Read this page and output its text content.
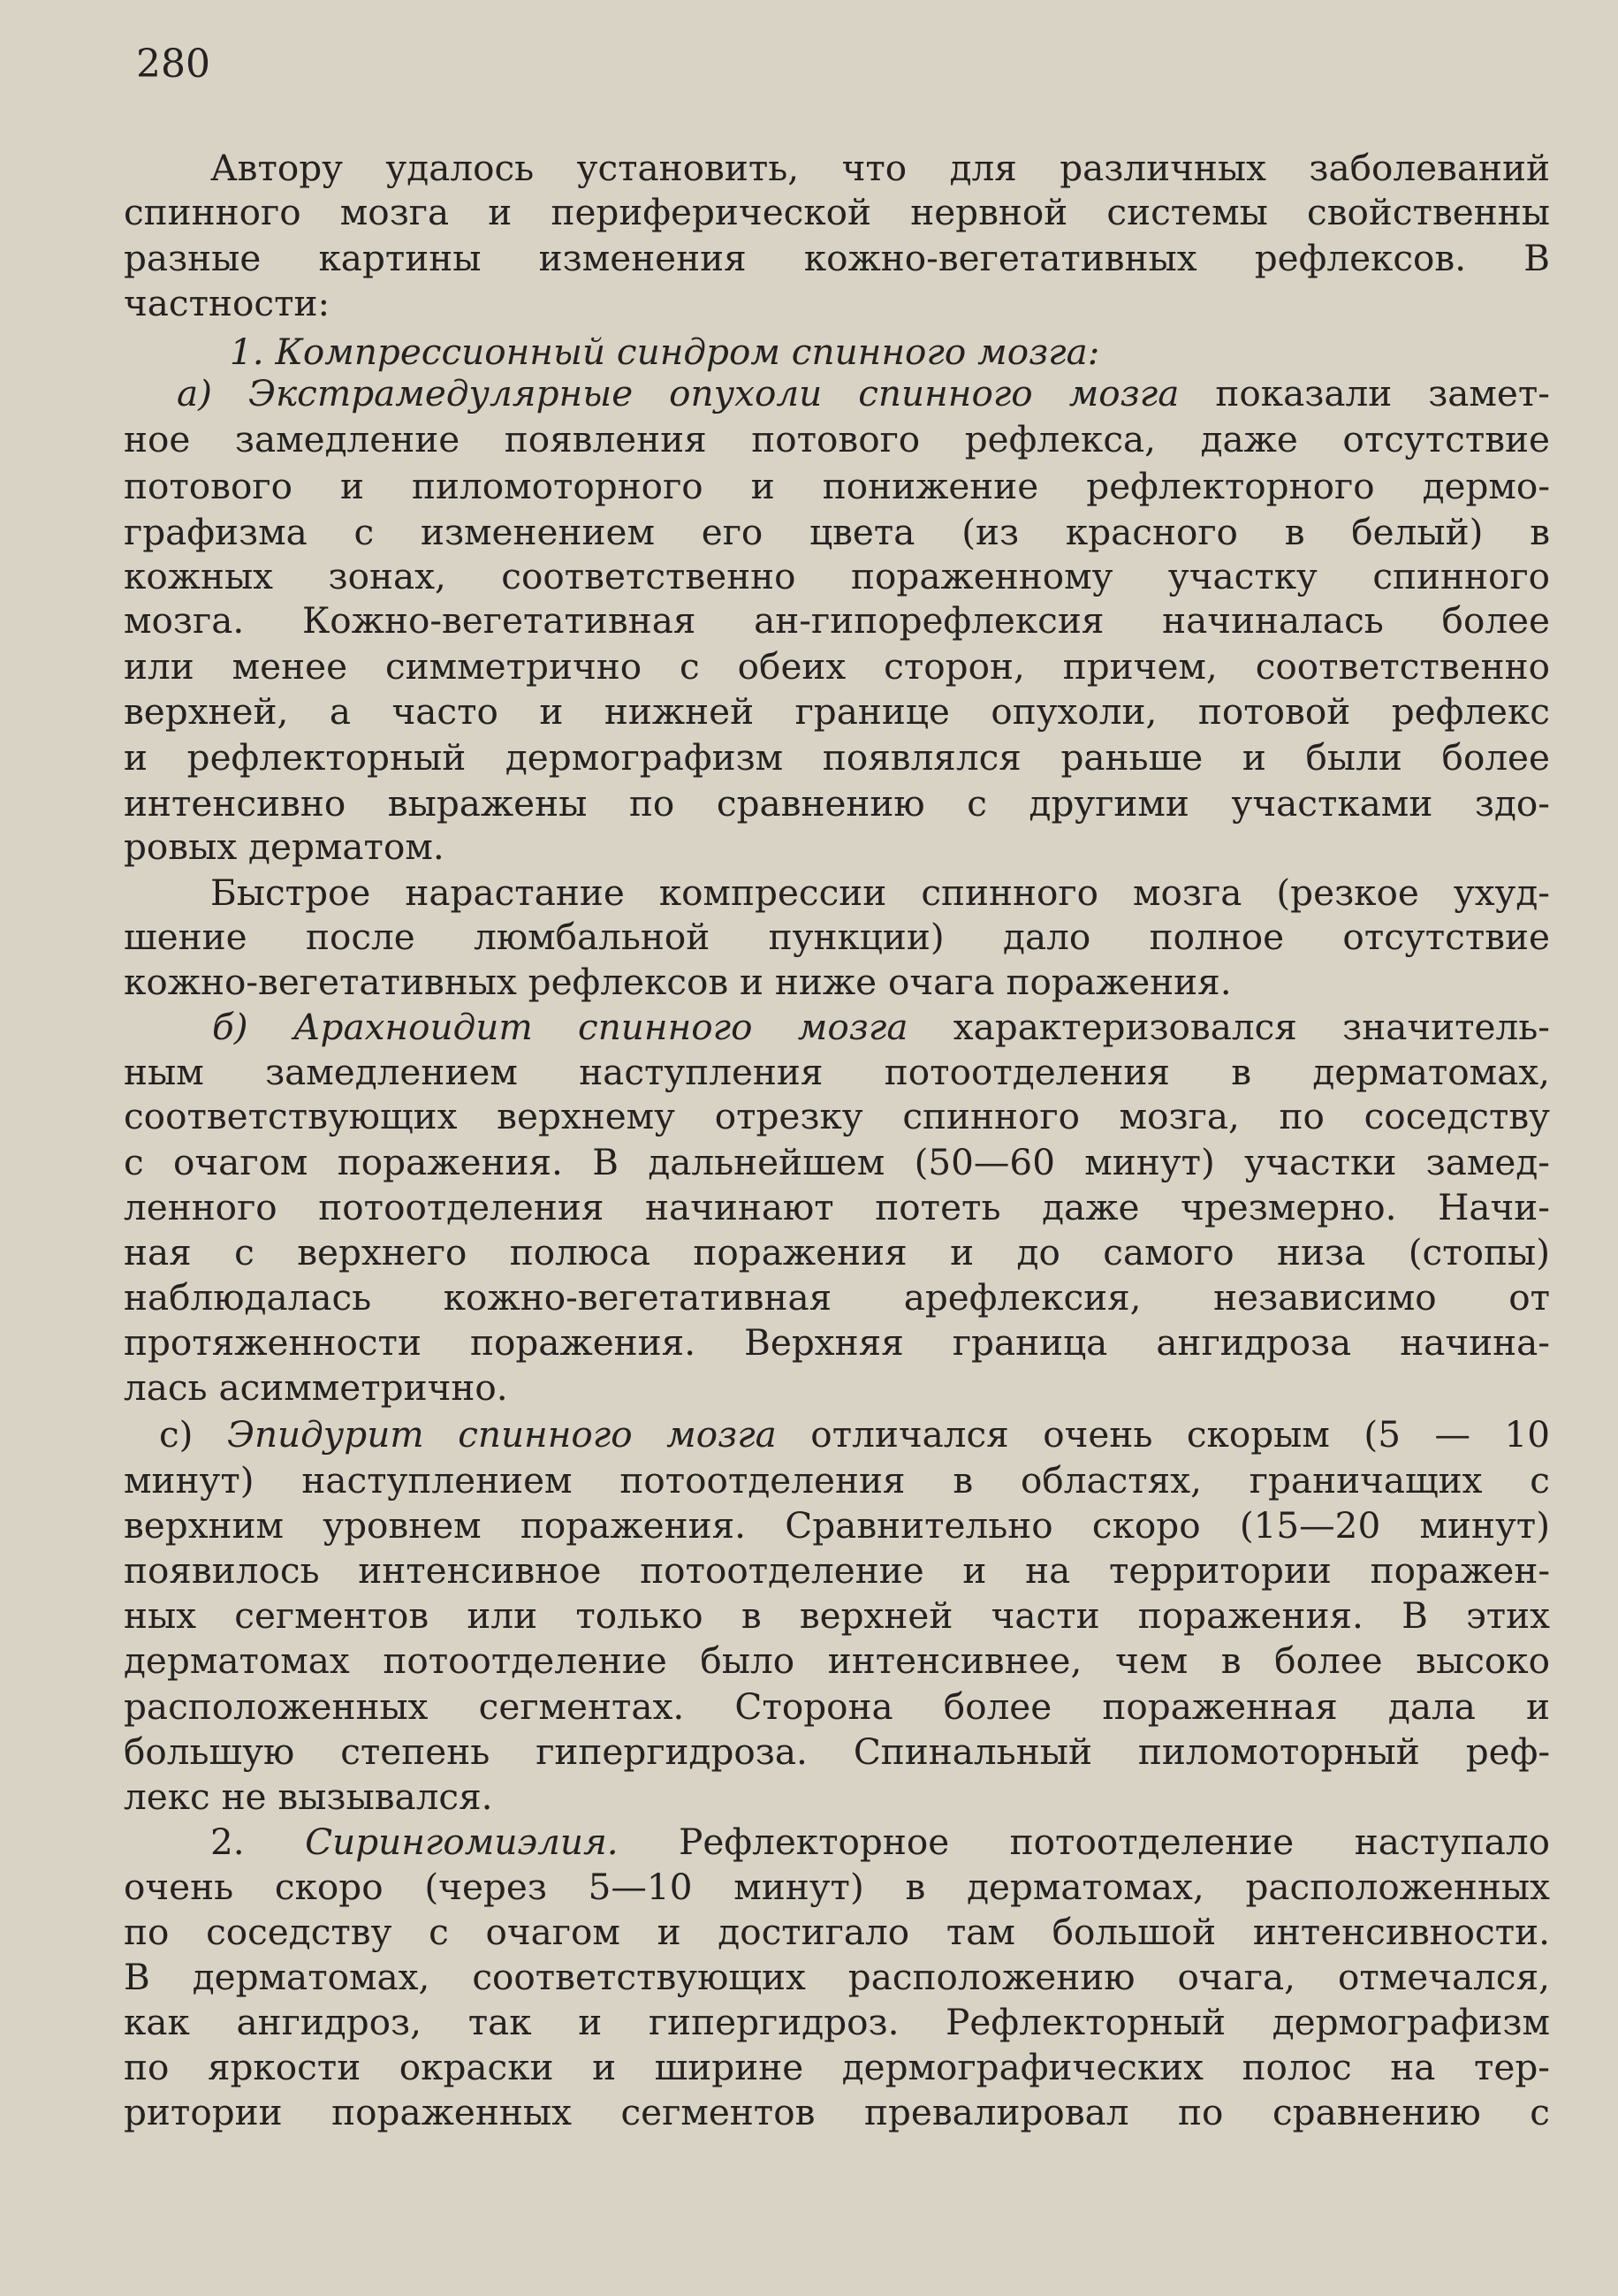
280
Автору удалось установить, что для различных заболеваний
спинного мозга и периферической нервной системы свойственны
разные картины изменения кожно-вегетативных рефлексов. В
частности:
1. Компрессионный синдром спинного мозга:
а) Экстрамедулярные опухоли спинного мозга показали замет-
ное замедление появления потового рефлекса, даже отсутствие
потового и пиломоторного и понижение рефлекторного дермо-
графизма с изменением его цвета (из красного в белый) в
кожных зонах, соответственно пораженному участку спинного
мозга. Кожно-вегетативная ан-гипорефлексия начиналась более
или менее симметрично с обеих сторон, причем, соответственно
верхней, а часто и нижней границе опухоли, потовой рефлекс
и рефлекторный дермографизм появлялся раньше и были более
интенсивно выражены по сравнению с другими участками здо-
ровых дерматом.
Быстрое нарастание компрессии спинного мозга (резкое ухуд-
шение после люмбальной пункции) дало полное отсутствие
кожно-вегетативных рефлексов и ниже очага поражения.
б) Арахноидит спинного мозга характеризовался значитель-
ным замедлением наступления потоотделения в дерматомах,
соответствующих верхнему отрезку спинного мозга, по соседству
с очагом поражения. В дальнейшем (50—60 минут) участки замед-
ленного потоотделения начинают потеть даже чрезмерно. Начи-
ная с верхнего полюса поражения и до самого низа (стопы)
наблюдалась кожно-вегетативная арефлексия, независимо от
протяженности поражения. Верхняя граница ангидроза начина-
лась асимметрично.
с) Эпидурит спинного мозга отличался очень скорым (5 — 10
минут) наступлением потоотделения в областях, граничащих с
верхним уровнем поражения. Сравнительно скоро (15—20 минут)
появилось интенсивное потоотделение и на территории поражен-
ных сегментов или только в верхней части поражения. В этих
дерматомах потоотделение было интенсивнее, чем в более высоко
расположенных сегментах. Сторона более пораженная дала и
большую степень гипергидроза. Спинальный пиломоторный реф-
лекс не вызывался.
2. Сирингомиэлия. Рефлекторное потоотделение наступало
очень скоро (через 5—10 минут) в дерматомах, расположенных
по соседству с очагом и достигало там большой интенсивности.
В дерматомах, соответствующих расположению очага, отмечался,
как ангидроз, так и гипергидроз. Рефлекторный дермографизм
по яркости окраски и ширине дермографических полос на тер-
ритории пораженных сегментов превалировал по сравнению с
